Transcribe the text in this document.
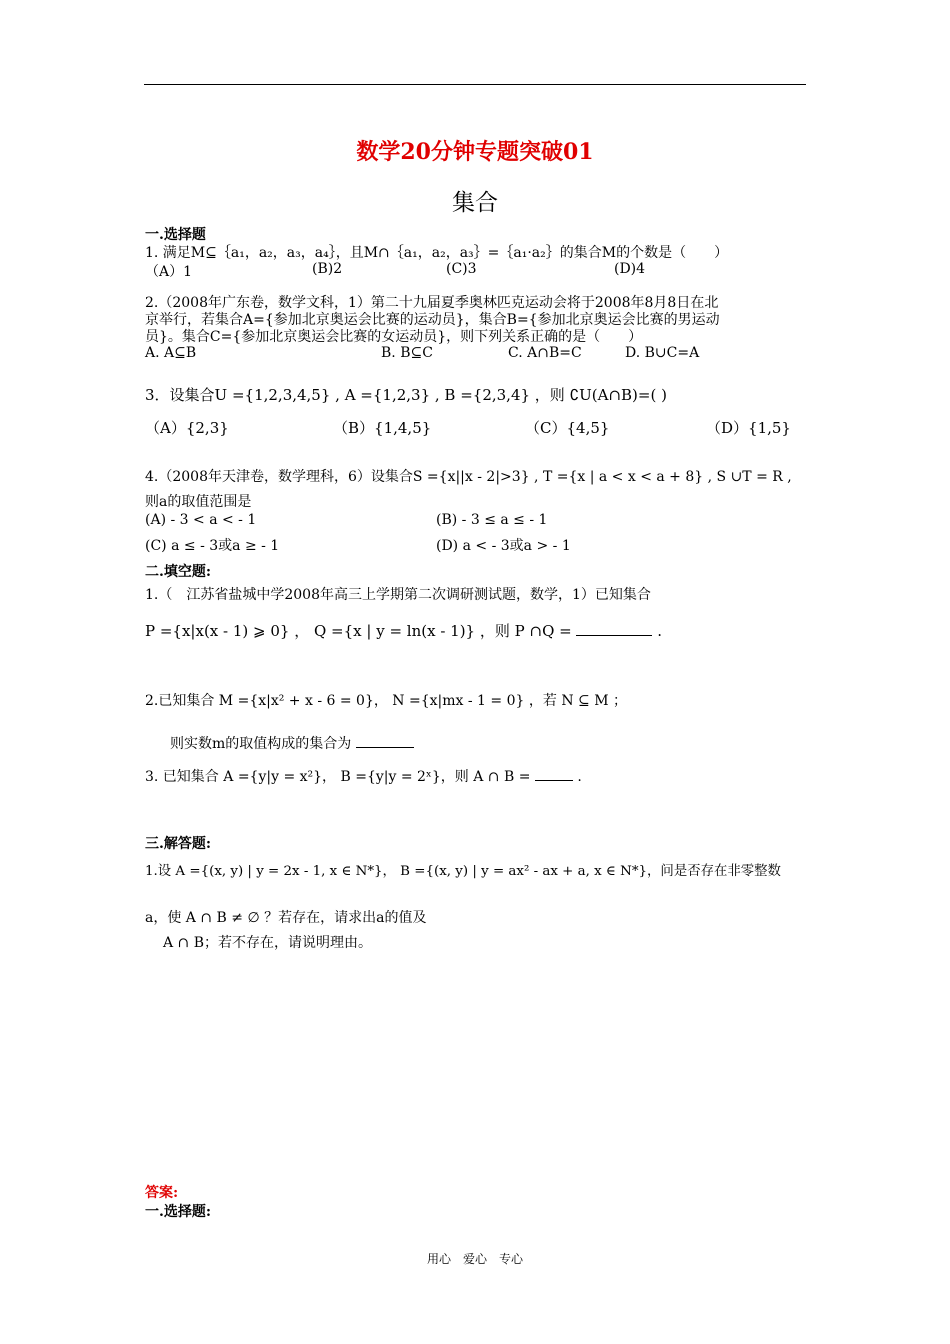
数学20分钟专题突破01
集合
一.选择题
1. 满足M⊆｛a₁，a₂，a₃，a₄｝，且M∩｛a₁，a₂，a₃｝=｛a₁·a₂｝的集合M的个数是（　　）
（A）1	(B)2	(C)3	(D)4
2.（2008年广东卷，数学文科，1）第二十九届夏季奥林匹克运动会将于2008年8月8日在北
京举行，若集合A={参加北京奥运会比赛的运动员}，集合B={参加北京奥运会比赛的男运动
员}。集合C={参加北京奥运会比赛的女运动员}，则下列关系正确的是（　　）
A. A⊆B	B. B⊆C	C. A∩B=C	D. B∪C=A
3．设集合U ={1,2,3,4,5} , A ={1,2,3} , B ={2,3,4} ，则 ∁U(A∩B)=( )
（A）{2,3}	（B）{1,4,5}	（C）{4,5}	（D）{1,5}
4.（2008年天津卷，数学理科，6）设集合S ={x||x - 2|>3} , T ={x | a < x < a + 8} , S ∪T = R ,
则a的取值范围是
(A) - 3 < a < - 1	(B) - 3 ≤ a ≤ - 1
(C) a ≤ - 3或a ≥ - 1	(D) a < - 3或a > - 1
二.填空题:
1.（　江苏省盐城中学2008年高三上学期第二次调研测试题，数学，1）已知集合
P ={x|x(x - 1) ⩾ 0} ， Q ={x | y = ln(x - 1)} ，则 P ∩Q =	.
2.已知集合 M ={x|x² + x - 6 = 0}， N ={x|mx - 1 = 0} ，若 N ⊆ M ；
则实数m的取值构成的集合为
3. 已知集合 A ={y|y = x²}， B ={y|y = 2ˣ}，则 A ∩ B =	.
三.解答题:
1.设 A ={(x, y) | y = 2x - 1, x ∈ N*}， B ={(x, y) | y = ax² - ax + a, x ∈ N*}，问是否存在非零整数
a，使 A ∩ B ≠ ∅ ？若存在，请求出a的值及
A ∩ B；若不存在，请说明理由。
答案:
一.选择题:
用心　爱心　专心
